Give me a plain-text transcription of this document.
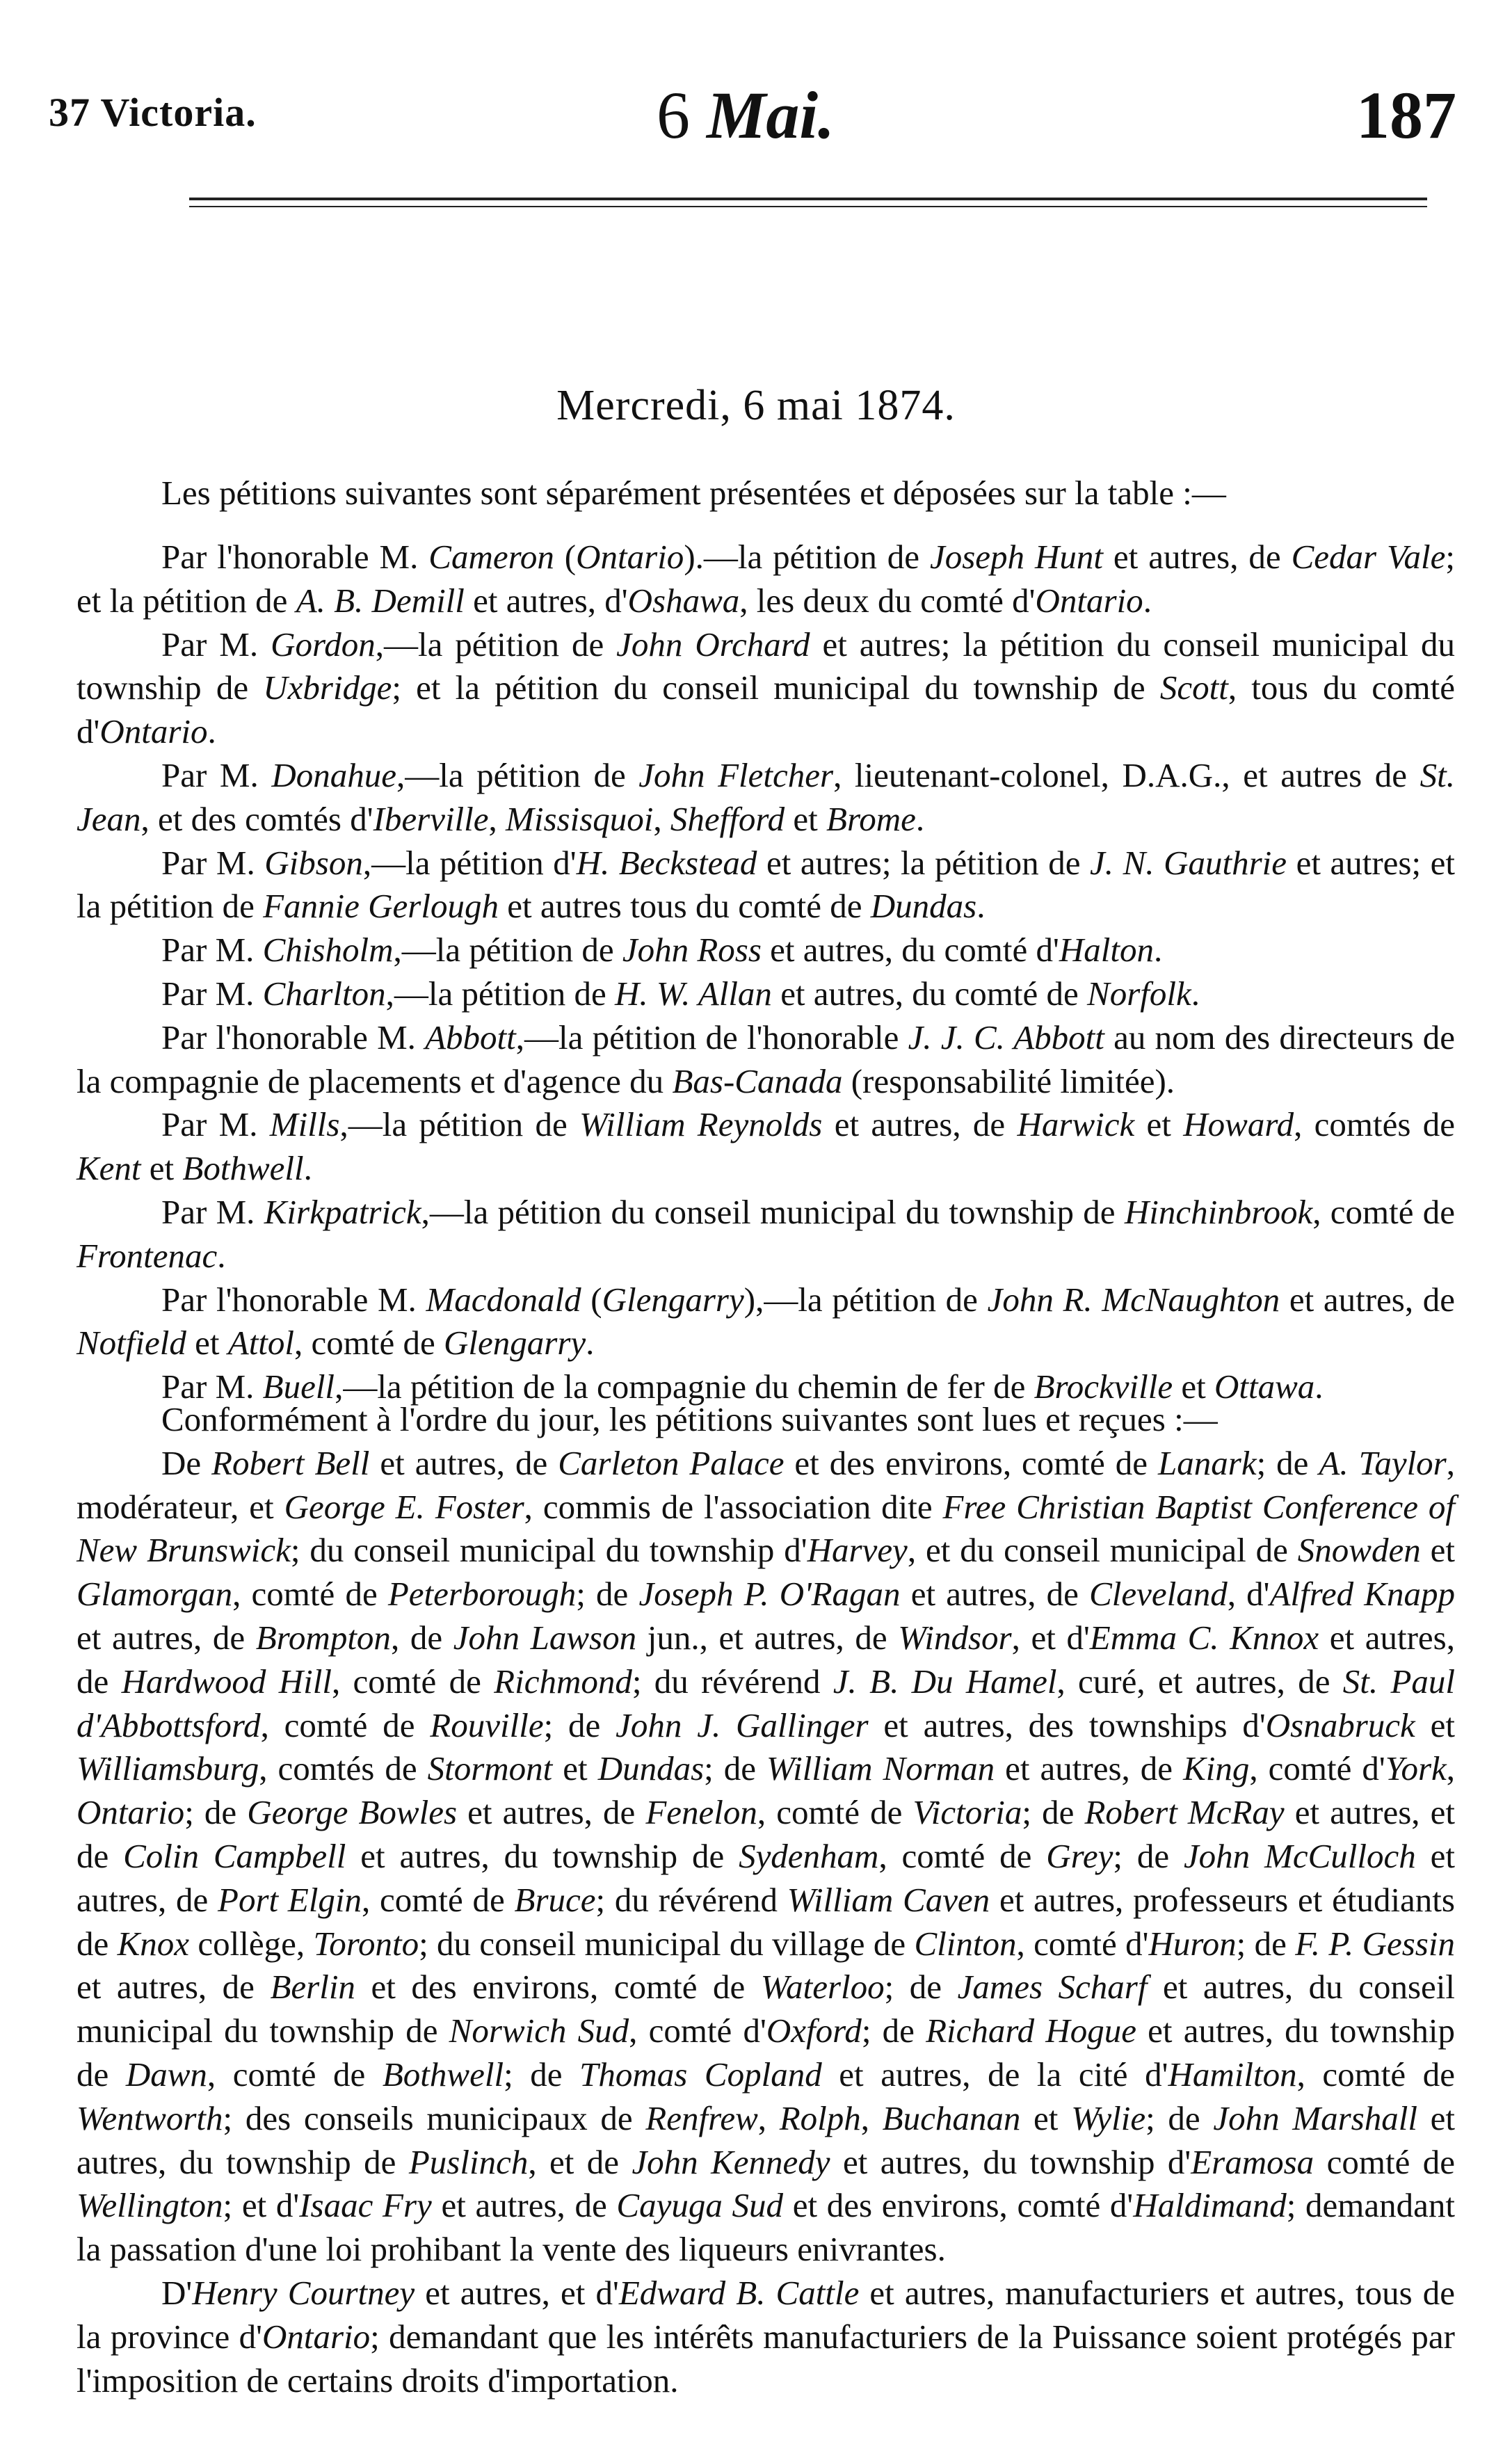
37 Victoria.	6 Mai.	187
Mercredi, 6 mai 1874.
Les pétitions suivantes sont séparément présentées et déposées sur la table :—

Par l'honorable M. Cameron (Ontario).—la pétition de Joseph Hunt et autres, de Cedar Vale; et la pétition de A. B. Demill et autres, d'Oshawa, les deux du comté d'Ontario.

Par M. Gordon,—la pétition de John Orchard et autres; la pétition du conseil municipal du township de Uxbridge; et la pétition du conseil municipal du township de Scott, tous du comté d'Ontario.

Par M. Donahue,—la pétition de John Fletcher, lieutenant-colonel, D.A.G., et autres de St. Jean, et des comtés d'Iberville, Missisquoi, Shefford et Brome.

Par M. Gibson,—la pétition d'H. Beckstead et autres; la pétition de J. N. Gauthrie et autres; et la pétition de Fannie Gerlough et autres tous du comté de Dundas.

Par M. Chisholm,—la pétition de John Ross et autres, du comté d'Halton.

Par M. Charlton,—la pétition de H. W. Allan et autres, du comté de Norfolk.

Par l'honorable M. Abbott,—la pétition de l'honorable J. J. C. Abbott au nom des directeurs de la compagnie de placements et d'agence du Bas-Canada (responsabilité limitée).

Par M. Mills,—la pétition de William Reynolds et autres, de Harwick et Howard, comtés de Kent et Bothwell.

Par M. Kirkpatrick,—la pétition du conseil municipal du township de Hinchinbrook, comté de Frontenac.

Par l'honorable M. Macdonald (Glengarry),—la pétition de John R. McNaughton et autres, de Notfield et Attol, comté de Glengarry.

Par M. Buell,—la pétition de la compagnie du chemin de fer de Brockville et Ottawa.

Conformément à l'ordre du jour, les pétitions suivantes sont lues et reçues :—

De Robert Bell et autres, de Carleton Palace et des environs, comté de Lanark; de A. Taylor, modérateur, et George E. Foster, commis de l'association dite Free Christian Baptist Conference of New Brunswick; du conseil municipal du township d'Harvey, et du conseil municipal de Snowden et Glamorgan, comté de Peterborough; de Joseph P. O'Ragan et autres, de Cleveland, d'Alfred Knapp et autres, de Brompton, de John Lawson jun., et autres, de Windsor, et d'Emma C. Knnox et autres, de Hardwood Hill, comté de Richmond; du révérend J. B. Du Hamel, curé, et autres, de St. Paul d'Abbottsford, comté de Rouville; de John J. Gallinger et autres, des townships d'Osnabruck et Williamsburg, comtés de Stormont et Dundas; de William Norman et autres, de King, comté d'York, Ontario; de George Bowles et autres, de Fenelon, comté de Victoria; de Robert McRay et autres, et de Colin Campbell et autres, du township de Sydenham, comté de Grey; de John McCulloch et autres, de Port Elgin, comté de Bruce; du révérend William Caven et autres, professeurs et étudiants de Knox collège, Toronto; du conseil municipal du village de Clinton, comté d'Huron; de F. P. Gessin et autres, de Berlin et des environs, comté de Waterloo; de James Scharf et autres, du conseil municipal du township de Norwich Sud, comté d'Oxford; de Richard Hogue et autres, du township de Dawn, comté de Bothwell; de Thomas Copland et autres, de la cité d'Hamilton, comté de Wentworth; des conseils municipaux de Renfrew, Rolph, Buchanan et Wylie; de John Marshall et autres, du township de Puslinch, et de John Kennedy et autres, du township d'Eramosa comté de Wellington; et d'Isaac Fry et autres, de Cayuga Sud et des environs, comté d'Haldimand; demandant la passation d'une loi prohibant la vente des liqueurs enivrantes.

D'Henry Courtney et autres, et d'Edward B. Cattle et autres, manufacturiers et autres, tous de la province d'Ontario; demandant que les intérêts manufacturiers de la Puissance soient protégés par l'imposition de certains droits d'importation.
